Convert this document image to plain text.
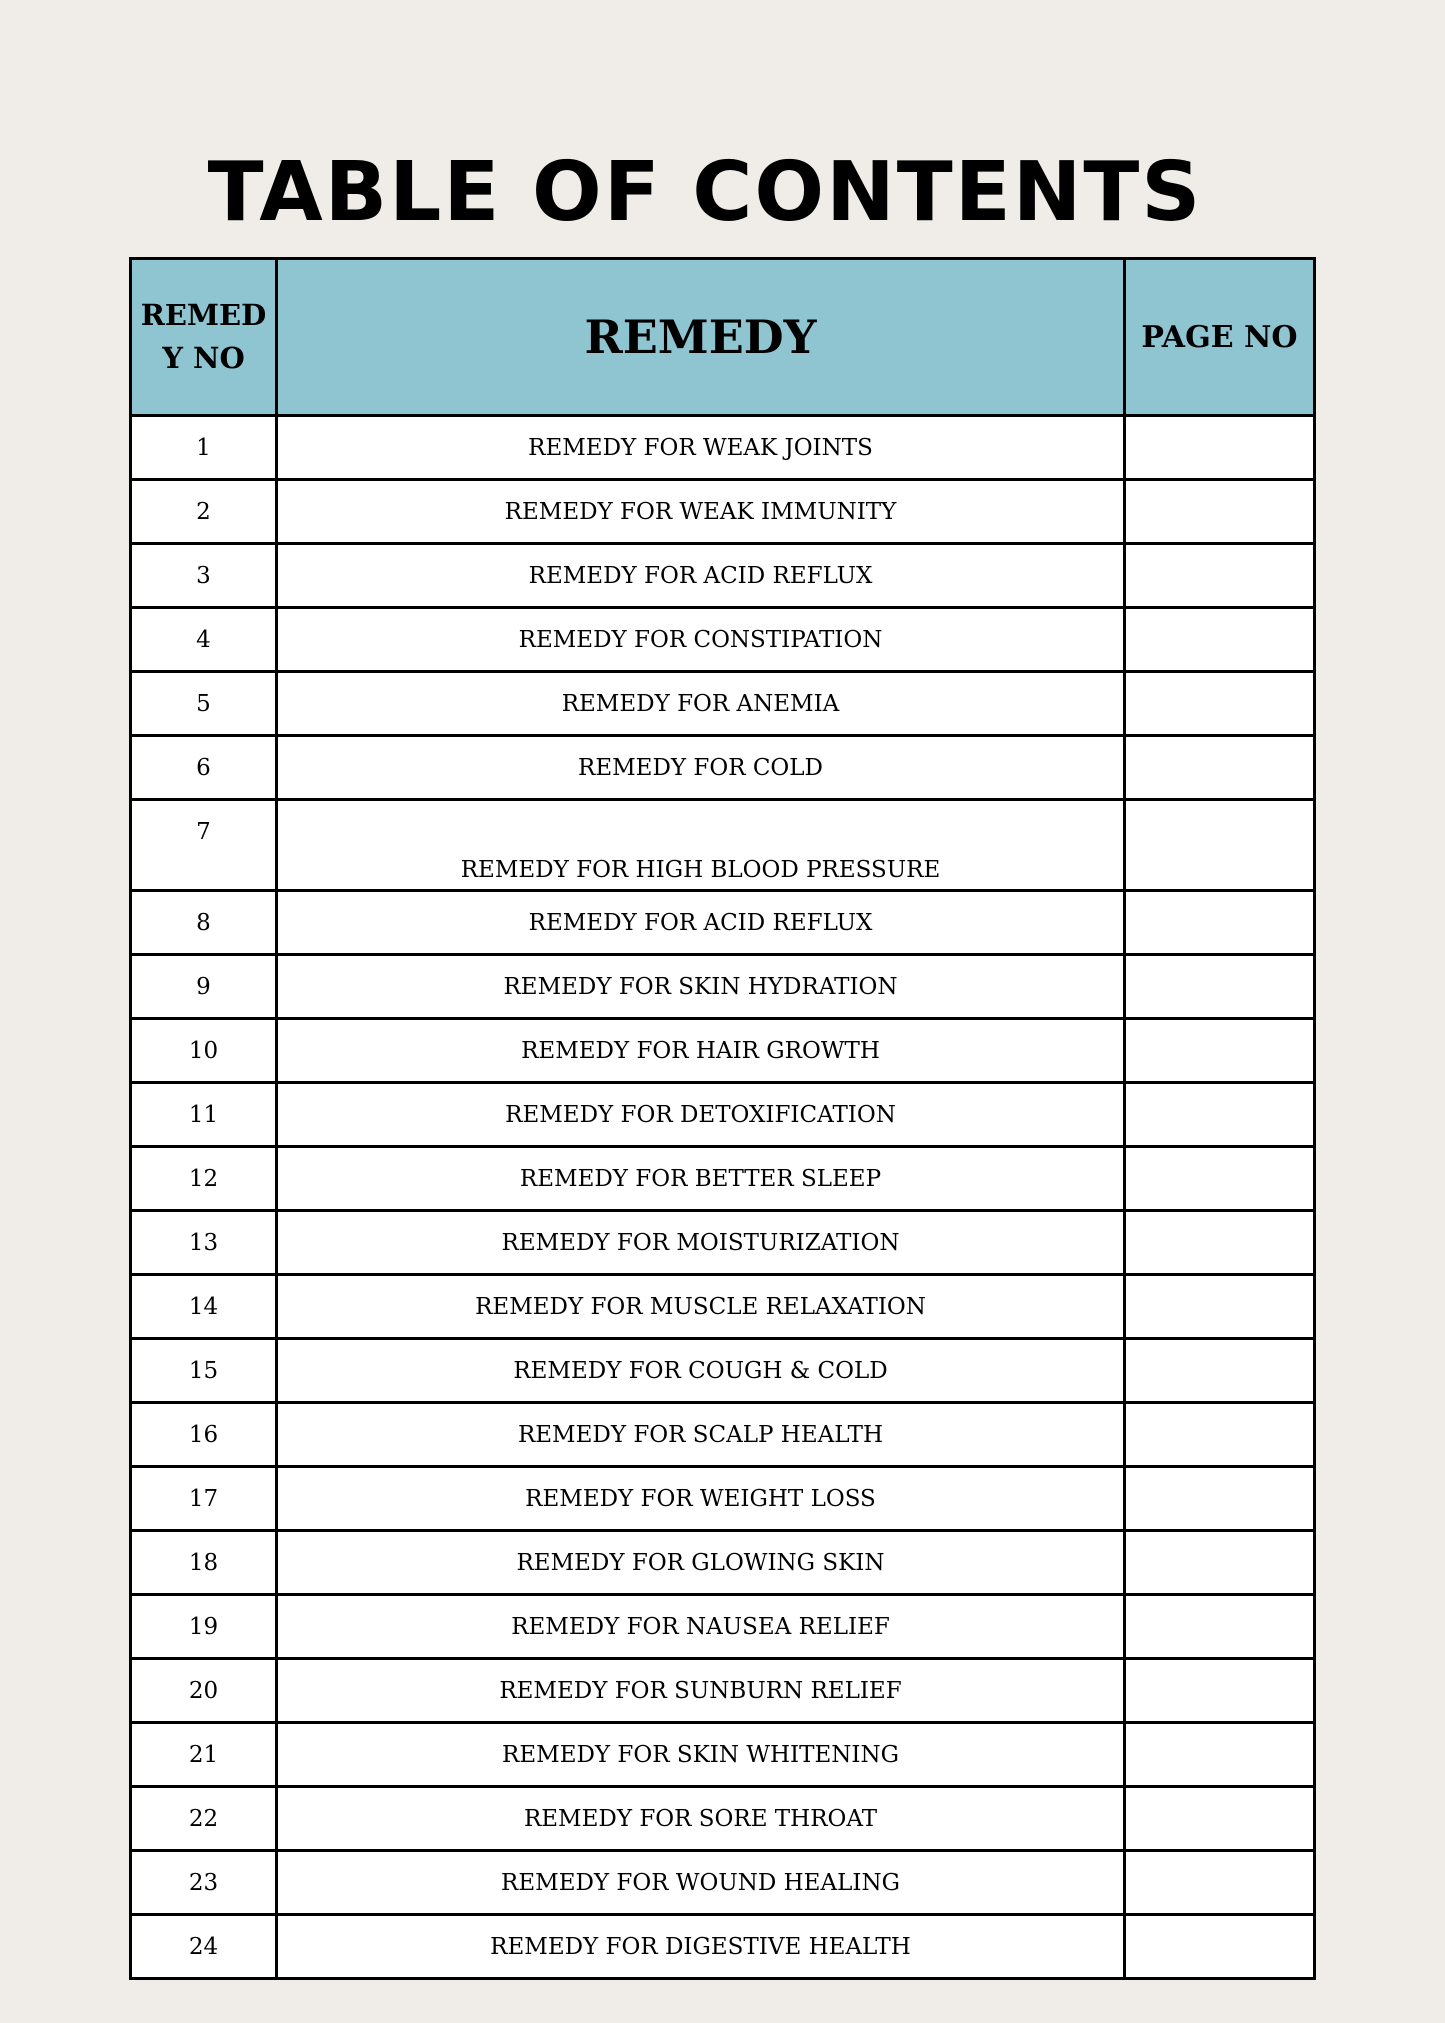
TABLE OF CONTENTS
REMEDY NO	REMEDY	PAGE NO
1	REMEDY FOR WEAK JOINTS	
2	REMEDY FOR WEAK IMMUNITY	
3	REMEDY FOR ACID REFLUX	
4	REMEDY FOR CONSTIPATION	
5	REMEDY FOR ANEMIA	
6	REMEDY FOR COLD	
7	REMEDY FOR HIGH BLOOD PRESSURE	
8	REMEDY FOR ACID REFLUX	
9	REMEDY FOR SKIN HYDRATION	
10	REMEDY FOR HAIR GROWTH	
11	REMEDY FOR DETOXIFICATION	
12	REMEDY FOR BETTER SLEEP	
13	REMEDY FOR MOISTURIZATION	
14	REMEDY FOR MUSCLE RELAXATION	
15	REMEDY FOR COUGH & COLD	
16	REMEDY FOR SCALP HEALTH	
17	REMEDY FOR WEIGHT LOSS	
18	REMEDY FOR GLOWING SKIN	
19	REMEDY FOR NAUSEA RELIEF	
20	REMEDY FOR SUNBURN RELIEF	
21	REMEDY FOR SKIN WHITENING	
22	REMEDY FOR SORE THROAT	
23	REMEDY FOR WOUND HEALING	
24	REMEDY FOR DIGESTIVE HEALTH	
